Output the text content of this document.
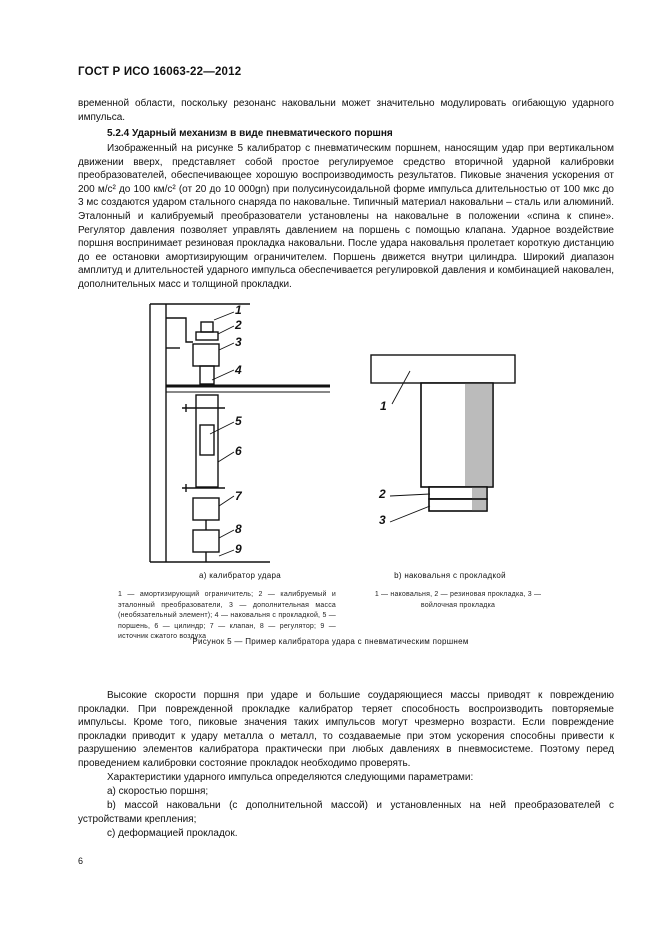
ГОСТ Р ИСО 16063-22—2012

временной области, поскольку резонанс наковальни может значительно модулировать огибающую ударного импульса.

5.2.4 Ударный механизм в виде пневматического поршня

Изображенный на рисунке 5 калибратор с пневматическим поршнем, наносящим удар при вертикальном движении вверх, представляет собой простое регулируемое средство вторичной ударной калибровки преобразователей, обеспечивающее хорошую воспроизводимость результатов. Пиковые значения ускорения от 200 м/с² до 100 км/с² (от 20 до 10 000gn) при полусинусоидальной форме импульса длительностью от 100 мкс до 3 мс создаются ударом стального снаряда по наковальне. Типичный материал наковальни – сталь или алюминий. Эталонный и калибруемый преобразователи установлены на наковальне в положении «спина к спине». Регулятор давления позволяет управлять давлением на поршень с помощью клапана. Ударное воздействие поршня воспринимает резиновая прокладка наковальни. После удара наковальня пролетает короткую дистанцию до ее остановки амортизирующим ограничителем. Поршень движется внутри цилиндра. Широкий диапазон амплитуд и длительностей ударного импульса обеспечивается регулировкой давления и комбинацией наковален, дополнительных масс и толщиной прокладки.

1
2
3
4
5
6
7
8
9
1
2
3
а) калибратор удара	b) наковальня с прокладкой
1 — амортизирующий ограничитель; 2 — калибруемый и эталонный преобразователи, 3 — дополнительная масса (необязательный элемент); 4 — наковальня с прокладкой, 5 — поршень, 6 — цилиндр; 7 — клапан, 8 — регулятор; 9 — источник сжатого воздуха
1 — наковальня, 2 — резиновая прокладка, 3 — войлочная прокладка
Рисунок 5 — Пример калибратора удара с пневматическим поршнем

Высокие скорости поршня при ударе и большие соударяющиеся массы приводят к повреждению прокладки. При поврежденной прокладке калибратор теряет способность воспроизводить повторяемые импульсы. Кроме того, пиковые значения таких импульсов могут чрезмерно возрасти. Если повреждение прокладки приводит к удару металла о металл, то создаваемые при этом ускорения способны привести к разрушению элементов калибратора практически при любых давлениях в пневмосистеме. Поэтому перед проведением калибровки состояние прокладок необходимо проверять.

Характеристики ударного импульса определяются следующими параметрами:

a) скоростью поршня;
b) массой наковальни (с дополнительной массой) и установленных на ней преобразователей с устройствами крепления;
c) деформацией прокладок.
6
